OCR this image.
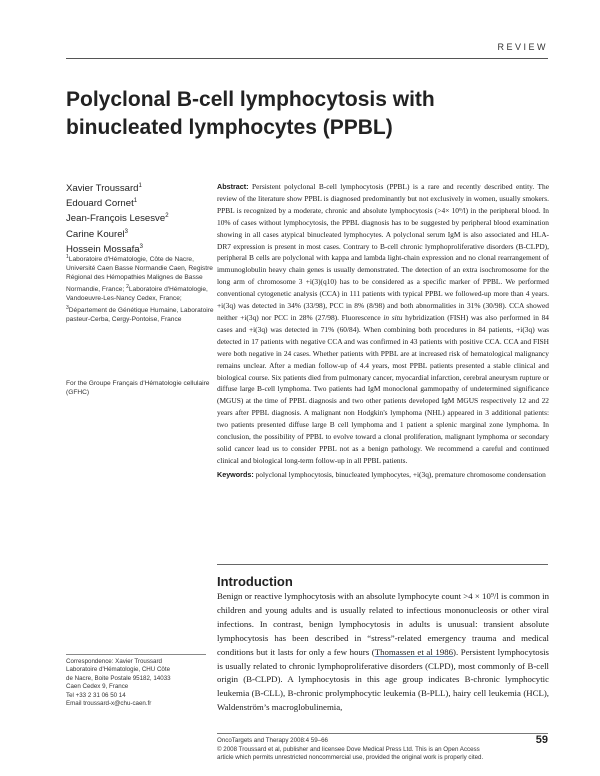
REVIEW
Polyclonal B-cell lymphocytosis with binucleated lymphocytes (PPBL)
Xavier Troussard$^1$
Edouard Cornet$^1$
Jean-François Lesesve$^2$
Carine Kourel$^3$
Hossein Mossafa$^3$
$^1$Laboratoire d'Hématologie, Côte de Nacre, Université Caen Basse Normandie Caen, Registre Régional des Hémopathies Malignes de Basse Normandie, France; $^2$Laboratoire d'Hématologie, Vandoeuvre-Les-Nancy Cedex, France; $^3$Département de Génétique Humaine, Laboratoire pasteur-Cerba, Cergy-Pontoise, France
For the Groupe Français d'Hématologie cellulaire (GFHC)
Abstract: Persistent polyclonal B-cell lymphocytosis (PPBL) is a rare and recently described entity. The review of the literature show PPBL is diagnosed predominantly but not exclusively in women, usually smokers. PPBL is recognized by a moderate, chronic and absolute lymphocytosis (>4× 10⁹/l) in the peripheral blood. In 10% of cases without lymphocytosis, the PPBL diagnosis has to be suggested by peripheral blood examination showing in all cases atypical binucleated lymphocytes. A polyclonal serum IgM is also associated and HLA-DR7 expression is present in most cases. Contrary to B-cell chronic lymphoproliferative disorders (B-CLPD), peripheral B cells are polyclonal with kappa and lambda light-chain expression and no clonal rearrangement of immunoglobulin heavy chain genes is usually demonstrated. The detection of an extra isochromosome for the long arm of chromosome 3 +i(3)(q10) has to be considered as a specific marker of PPBL. We performed conventional cytogenetic analysis (CCA) in 111 patients with typical PPBL we followed-up more than 4 years. +i(3q) was detected in 34% (33/98), PCC in 8% (8/98) and both abnormalities in 31% (30/98). CCA showed neither +i(3q) nor PCC in 28% (27/98). Fluorescence in situ hybridization (FISH) was also performed in 84 cases and +i(3q) was detected in 71% (60/84). When combining both procedures in 84 patients, +i(3q) was detected in 17 patients with negative CCA and was confirmed in 43 patients with positive CCA. CCA and FISH were both negative in 24 cases. Whether patients with PPBL are at increased risk of hematological malignancy remains unclear. After a median follow-up of 4.4 years, most PPBL patients presented a stable clinical and biological course. Six patients died from pulmonary cancer, myocardial infarction, cerebral aneurysm rupture or diffuse large B-cell lymphoma. Two patients had IgM monoclonal gammopathy of undetermined significance (MGUS) at the time of PPBL diagnosis and two other patients developed IgM MGUS respectively 12 and 22 years after PPBL diagnosis. A malignant non Hodgkin's lymphoma (NHL) appeared in 3 additional patients: two patients presented diffuse large B cell lymphoma and 1 patient a splenic marginal zone lymphoma. In conclusion, the possibility of PPBL to evolve toward a clonal proliferation, malignant lymphoma or secondary solid cancer lead us to consider PPBL not as a benign pathology. We recommend a careful and continued clinical and biological long-term follow-up in all PPBL patients.
Keywords: polyclonal lymphocytosis, binucleated lymphocytes, +i(3q), premature chromosome condensation
Introduction
Benign or reactive lymphocytosis with an absolute lymphocyte count >4 × 10⁹/l is common in children and young adults and is usually related to infectious mononucleosis or other viral infections. In contrast, benign lymphocytosis in adults is unusual: transient absolute lymphocytosis has been described in “stress”-related emergency trauma and medical conditions but it lasts for only a few hours (Thomassen et al 1986). Persistent lymphocytosis is usually related to chronic lymphoproliferative disorders (CLPD), most commonly of B-cell origin (B-CLPD). A lymphocytosis in this age group indicates B-chronic lymphocytic leukemia (B-CLL), B-chronic prolymphocytic leukemia (B-PLL), hairy cell leukemia (HCL), Waldenström’s macroglobulinemia,
Correspondence: Xavier Troussard
Laboratoire d'Hématologie, CHU Côte
de Nacre, Boite Postale 95182, 14033
Caen Cedex 9, France
Tel +33 2 31 06 50 14
Email troussard-x@chu-caen.fr
OncoTargets and Therapy 2008:4 59–66
© 2008 Troussard et al, publisher and licensee Dove Medical Press Ltd. This is an Open Access
article which permits unrestricted noncommercial use, provided the original work is properly cited.
59
